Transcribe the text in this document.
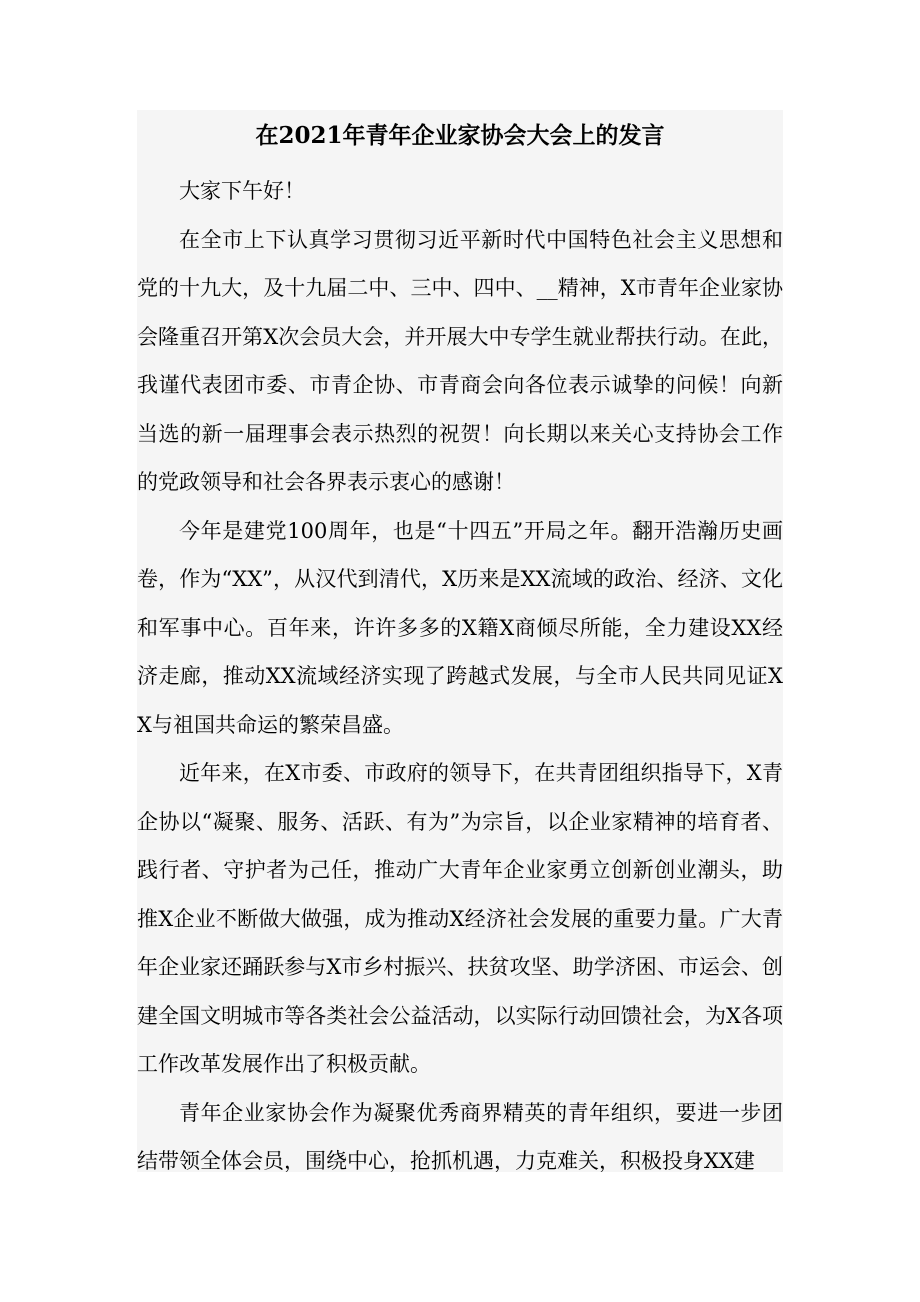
在2021年青年企业家协会大会上的发言

大家下午好！

在全市上下认真学习贯彻习近平新时代中国特色社会主义思想和党的十九大，及十九届二中、三中、四中、__精神，X市青年企业家协会隆重召开第X次会员大会，并开展大中专学生就业帮扶行动。在此，我谨代表团市委、市青企协、市青商会向各位表示诚挚的问候！向新当选的新一届理事会表示热烈的祝贺！向长期以来关心支持协会工作的党政领导和社会各界表示衷心的感谢！

今年是建党100周年，也是“十四五”开局之年。翻开浩瀚历史画卷，作为“XX”，从汉代到清代，X历来是XX流域的政治、经济、文化和军事中心。百年来，许许多多的X籍X商倾尽所能，全力建设XX经济走廊，推动XX流域经济实现了跨越式发展，与全市人民共同见证XX与祖国共命运的繁荣昌盛。

近年来，在X市委、市政府的领导下，在共青团组织指导下，X青企协以“凝聚、服务、活跃、有为”为宗旨，以企业家精神的培育者、践行者、守护者为己任，推动广大青年企业家勇立创新创业潮头，助推X企业不断做大做强，成为推动X经济社会发展的重要力量。广大青年企业家还踊跃参与X市乡村振兴、扶贫攻坚、助学济困、市运会、创建全国文明城市等各类社会公益活动，以实际行动回馈社会，为X各项工作改革发展作出了积极贡献。

青年企业家协会作为凝聚优秀商界精英的青年组织，要进一步团结带领全体会员，围绕中心，抢抓机遇，力克难关，积极投身XX建
